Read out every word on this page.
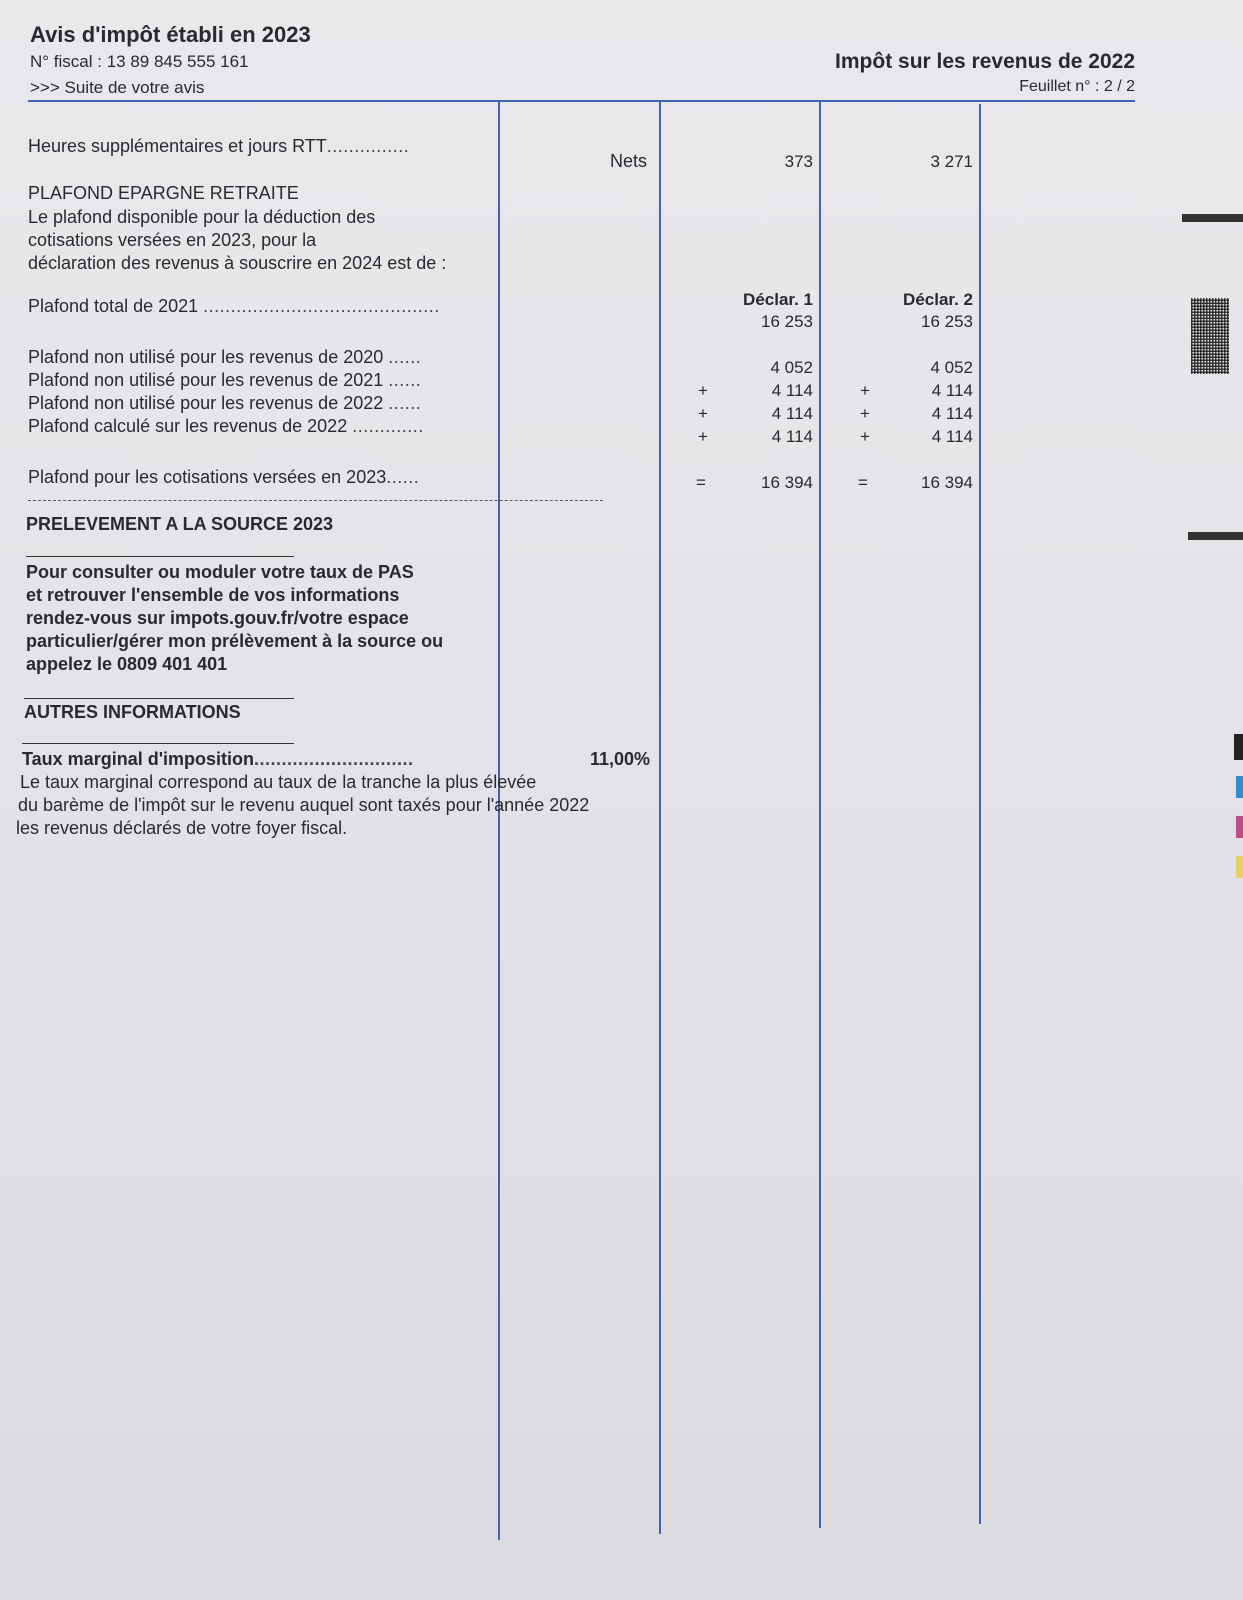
Avis d'impôt établi en 2023
N° fiscal : 13 89 845 555 161
>>> Suite de votre avis
Impôt sur les revenus de 2022
Feuillet n° : 2 / 2
Heures supplémentaires et jours RTT...............
Nets	373	3 271
PLAFOND EPARGNE RETRAITE
Le plafond disponible pour la déduction des
cotisations versées en 2023, pour la
déclaration des revenus à souscrire en 2024 est de :
Déclar. 1	Déclar. 2
Plafond total de 2021 ...........................................
16 253	16 253
Plafond non utilisé pour les revenus de 2020 ......
4 052	4 052
Plafond non utilisé pour les revenus de 2021 ......
+	4 114	+	4 114
Plafond non utilisé pour les revenus de 2022 ......
+	4 114	+	4 114
Plafond calculé sur les revenus de 2022 .............
+	4 114	+	4 114
Plafond pour les cotisations versées en 2023......	=	16 394	=	16 394
PRELEVEMENT A LA SOURCE 2023
Pour consulter ou moduler votre taux de PAS
et retrouver l'ensemble de vos informations
rendez-vous sur impots.gouv.fr/votre espace
particulier/gérer mon prélèvement à la source ou
appelez le 0809 401 401
AUTRES INFORMATIONS
Taux marginal d'imposition.............................	11,00%
Le taux marginal correspond au taux de la tranche la plus élevée
du barème de l'impôt sur le revenu auquel sont taxés pour l'année 2022
les revenus déclarés de votre foyer fiscal.
